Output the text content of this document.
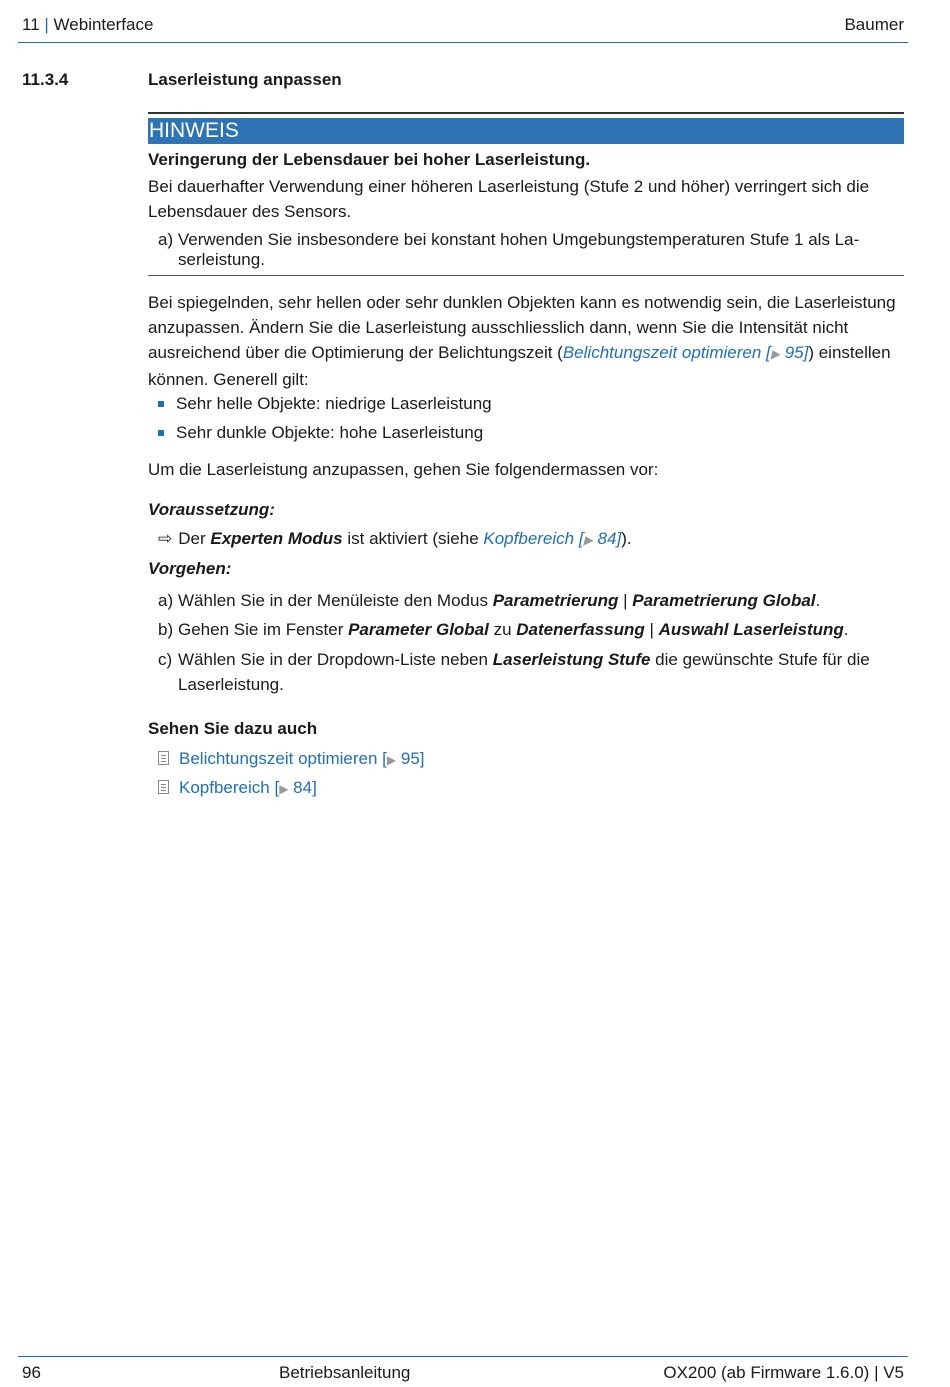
11 | Webinterface	Baumer
11.3.4	Laserleistung anpassen
HINWEIS
Veringerung der Lebensdauer bei hoher Laserleistung.
Bei dauerhafter Verwendung einer höheren Laserleistung (Stufe 2 und höher) verringert sich die Lebensdauer des Sensors.
a) Verwenden Sie insbesondere bei konstant hohen Umgebungstemperaturen Stufe 1 als La-
serleistung.
Bei spiegelnden, sehr hellen oder sehr dunklen Objekten kann es notwendig sein, die Laserleistung anzupassen. Ändern Sie die Laserleistung ausschliesslich dann, wenn Sie die Intensität nicht ausreichend über die Optimierung der Belichtungszeit (Belichtungszeit optimieren [▶ 95]) einstellen können. Generell gilt:
Sehr helle Objekte: niedrige Laserleistung
Sehr dunkle Objekte: hohe Laserleistung
Um die Laserleistung anzupassen, gehen Sie folgendermassen vor:
Voraussetzung:
⇨ Der Experten Modus ist aktiviert (siehe Kopfbereich [▶ 84]).
Vorgehen:
a) Wählen Sie in der Menüleiste den Modus Parametrierung | Parametrierung Global.
b) Gehen Sie im Fenster Parameter Global zu Datenerfassung | Auswahl Laserleistung.
c) Wählen Sie in der Dropdown-Liste neben Laserleistung Stufe die gewünschte Stufe für die
Laserleistung.
Sehen Sie dazu auch
Belichtungszeit optimieren [▶ 95]
Kopfbereich [▶ 84]
96	Betriebsanleitung	OX200 (ab Firmware 1.6.0) | V5
